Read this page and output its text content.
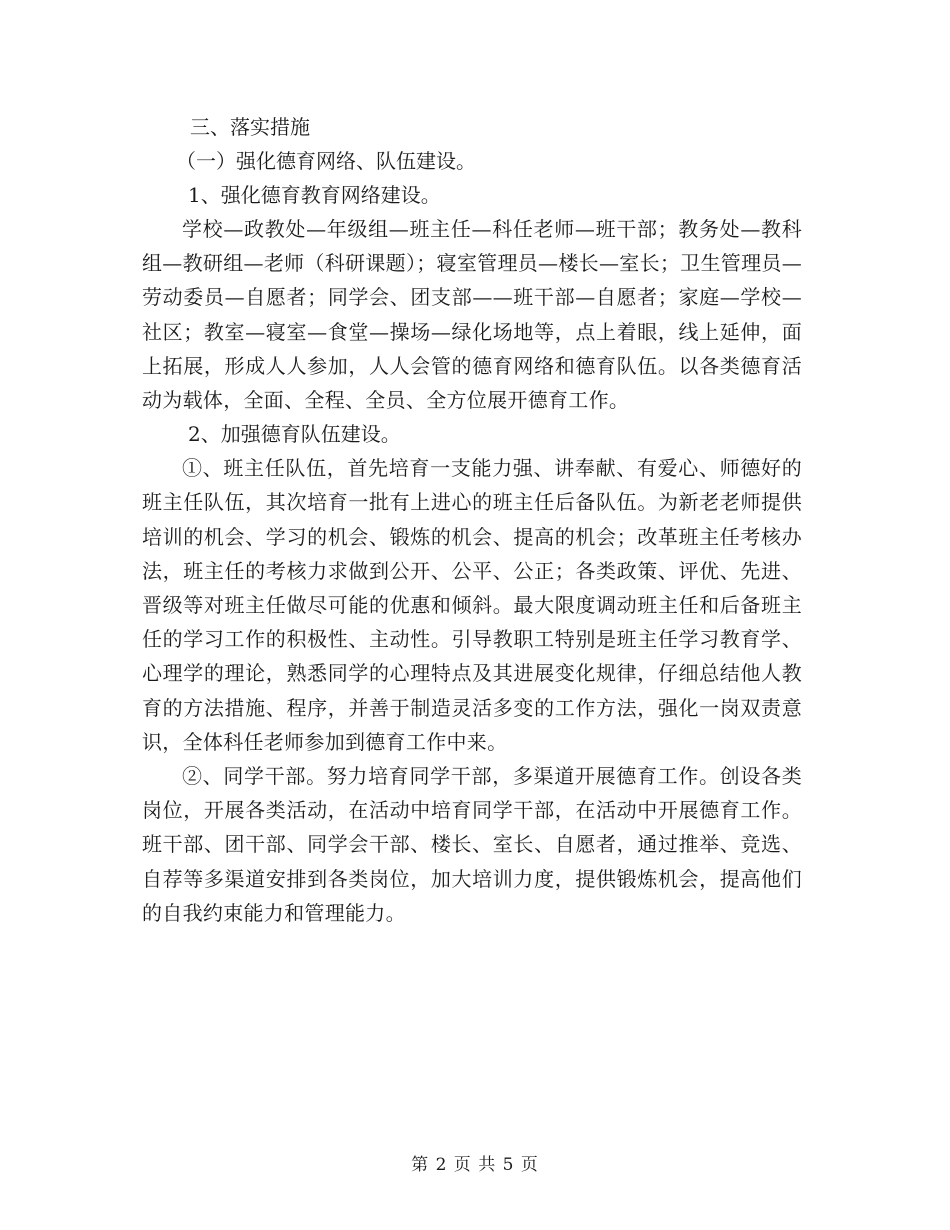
三、落实措施

（一）强化德育网络、队伍建设。

1、强化德育教育网络建设。

学校—政教处—年级组—班主任—科任老师—班干部；教务处—教科组—教研组—老师（科研课题）；寝室管理员—楼长—室长；卫生管理员—劳动委员—自愿者；同学会、团支部——班干部—自愿者；家庭—学校—社区；教室—寝室—食堂—操场—绿化场地等，点上着眼，线上延伸，面上拓展，形成人人参加，人人会管的德育网络和德育队伍。以各类德育活动为载体，全面、全程、全员、全方位展开德育工作。

2、加强德育队伍建设。

①、班主任队伍，首先培育一支能力强、讲奉献、有爱心、师德好的班主任队伍，其次培育一批有上进心的班主任后备队伍。为新老老师提供培训的机会、学习的机会、锻炼的机会、提高的机会；改革班主任考核办法，班主任的考核力求做到公开、公平、公正；各类政策、评优、先进、晋级等对班主任做尽可能的优惠和倾斜。最大限度调动班主任和后备班主任的学习工作的积极性、主动性。引导教职工特别是班主任学习教育学、心理学的理论，熟悉同学的心理特点及其进展变化规律，仔细总结他人教育的方法措施、程序，并善于制造灵活多变的工作方法，强化一岗双责意识，全体科任老师参加到德育工作中来。

②、同学干部。努力培育同学干部，多渠道开展德育工作。创设各类岗位，开展各类活动，在活动中培育同学干部，在活动中开展德育工作。班干部、团干部、同学会干部、楼长、室长、自愿者，通过推举、竞选、自荐等多渠道安排到各类岗位，加大培训力度，提供锻炼机会，提高他们的自我约束能力和管理能力。

第 2 页 共 5 页
